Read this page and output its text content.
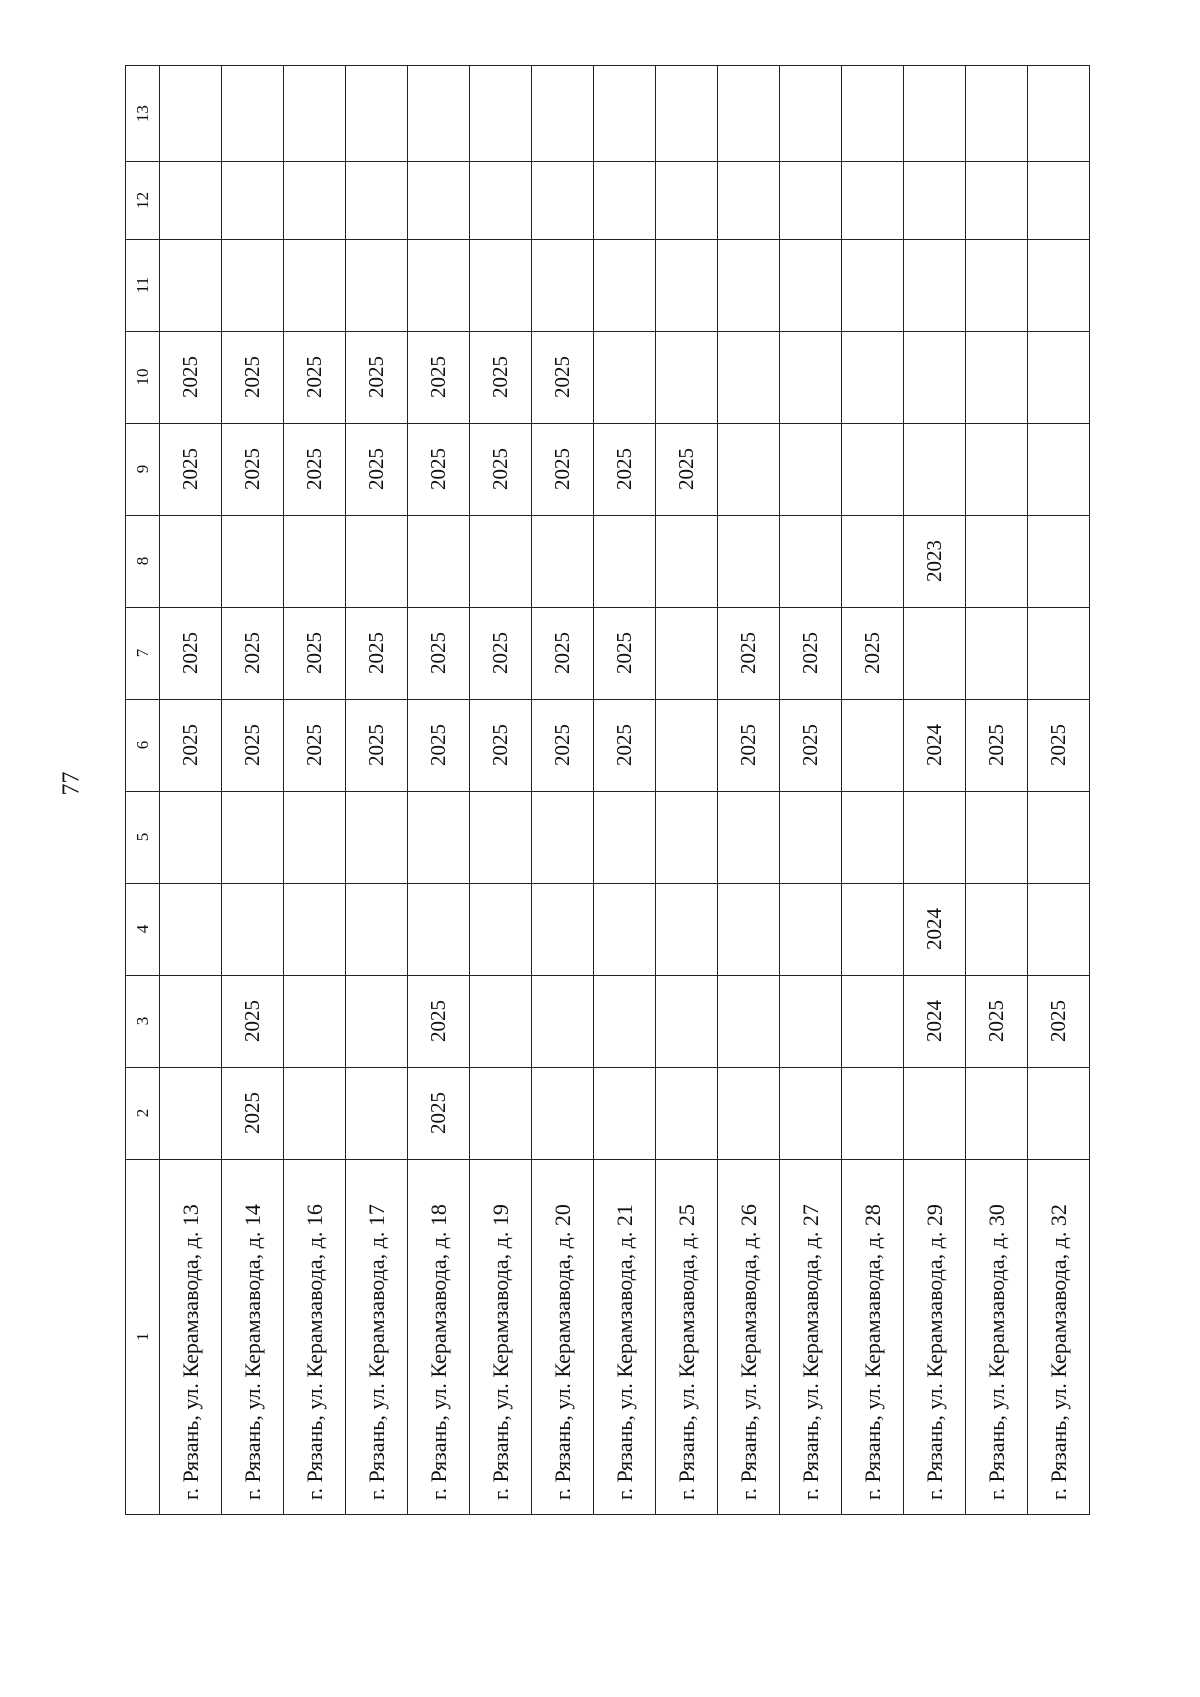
77
1	2	3	4	5	6	7	8	9	10	11	12	13
г. Рязань, ул. Керамзавода, д. 13					2025	2025		2025	2025			
г. Рязань, ул. Керамзавода, д. 14	2025	2025			2025	2025		2025	2025			
г. Рязань, ул. Керамзавода, д. 16					2025	2025		2025	2025			
г. Рязань, ул. Керамзавода, д. 17					2025	2025		2025	2025			
г. Рязань, ул. Керамзавода, д. 18	2025	2025			2025	2025		2025	2025			
г. Рязань, ул. Керамзавода, д. 19					2025	2025		2025	2025			
г. Рязань, ул. Керамзавода, д. 20					2025	2025		2025	2025			
г. Рязань, ул. Керамзавода, д. 21					2025	2025		2025				
г. Рязань, ул. Керамзавода, д. 25								2025				
г. Рязань, ул. Керамзавода, д. 26					2025	2025						
г. Рязань, ул. Керамзавода, д. 27					2025	2025						
г. Рязань, ул. Керамзавода, д. 28						2025						
г. Рязань, ул. Керамзавода, д. 29		2024	2024		2024		2023					
г. Рязань, ул. Керамзавода, д. 30		2025			2025							
г. Рязань, ул. Керамзавода, д. 32		2025			2025							
